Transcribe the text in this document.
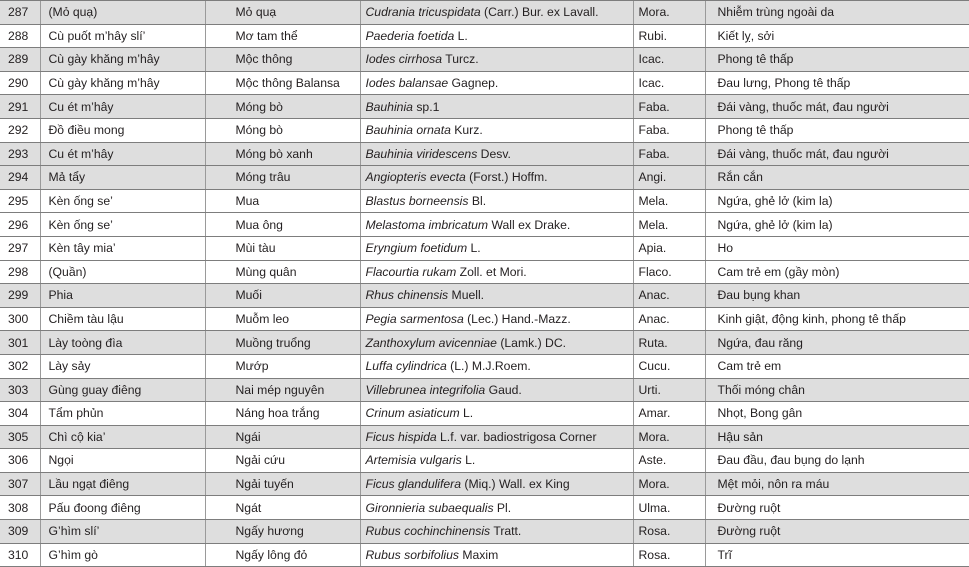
287	(Mỏ quạ)	Mỏ quạ	Cudrania tricuspidata (Carr.) Bur. ex Lavall.	Mora.	Nhiễm trùng ngoài da
288	Cù puốt m’hây slí’	Mơ tam thể	Paederia foetida L.	Rubi.	Kiết lỵ, sởi
289	Cù gày khăng m’hây	Mộc thông	Iodes cirrhosa Turcz.	Icac.	Phong tê thấp
290	Cù gày khăng m’hây	Mộc thông Balansa	Iodes balansae Gagnep.	Icac.	Đau lưng, Phong tê thấp
291	Cu ét m’hây	Móng bò	Bauhinia sp.1	Faba.	Đái vàng, thuốc mát, đau người
292	Đồ điều mong	Móng bò	Bauhinia ornata Kurz.	Faba.	Phong tê thấp
293	Cu ét m’hây	Móng bò xanh	Bauhinia viridescens Desv.	Faba.	Đái vàng, thuốc mát, đau người
294	Mả tẩy	Móng trâu	Angiopteris evecta (Forst.) Hoffm.	Angi.	Rắn cắn
295	Kèn ống se’	Mua	Blastus borneensis Bl.	Mela.	Ngứa, ghẻ lở (kim la)
296	Kèn ống se’	Mua ông	Melastoma imbricatum Wall ex Drake.	Mela.	Ngứa, ghẻ lở (kim la)
297	Kèn tây mia’	Mùi tàu	Eryngium foetidum L.	Apia.	Ho
298	(Quần)	Mùng quân	Flacourtia rukam Zoll. et Mori.	Flaco.	Cam trẻ em (gầy mòn)
299	Phia	Muối	Rhus chinensis Muell.	Anac.	Đau bụng khan
300	Chiềm tàu lậu	Muỗm leo	Pegia sarmentosa (Lec.) Hand.-Mazz.	Anac.	Kinh giật, động kinh, phong tê thấp
301	Lày toòng đìa	Muồng truổng	Zanthoxylum avicenniae (Lamk.) DC.	Ruta.	Ngứa, đau răng
302	Lày sảy	Mướp	Luffa cylindrica (L.) M.J.Roem.	Cucu.	Cam trẻ em
303	Gùng guay điêng	Nai mép nguyên	Villebrunea integrifolia Gaud.	Urti.	Thối móng chân
304	Tẩm phủn	Náng hoa trắng	Crinum asiaticum L.	Amar.	Nhọt, Bong gân
305	Chì cộ kia’	Ngái	Ficus hispida L.f. var. badiostrigosa Corner	Mora.	Hậu sản
306	Ngọi	Ngải cứu	Artemisia vulgaris L.	Aste.	Đau đầu, đau bụng do lạnh
307	Lầu ngạt điêng	Ngải tuyến	Ficus glandulifera (Miq.) Wall. ex King	Mora.	Mệt mỏi, nôn ra máu
308	Pấu đoong điêng	Ngát	Gironnieria subaequalis Pl.	Ulma.	Đường ruột
309	G’hìm slí’	Ngấy hương	Rubus cochinchinensis Tratt.	Rosa.	Đường ruột
310	G’hìm gò	Ngấy lông đỏ	Rubus sorbifolius Maxim	Rosa.	Trĩ
